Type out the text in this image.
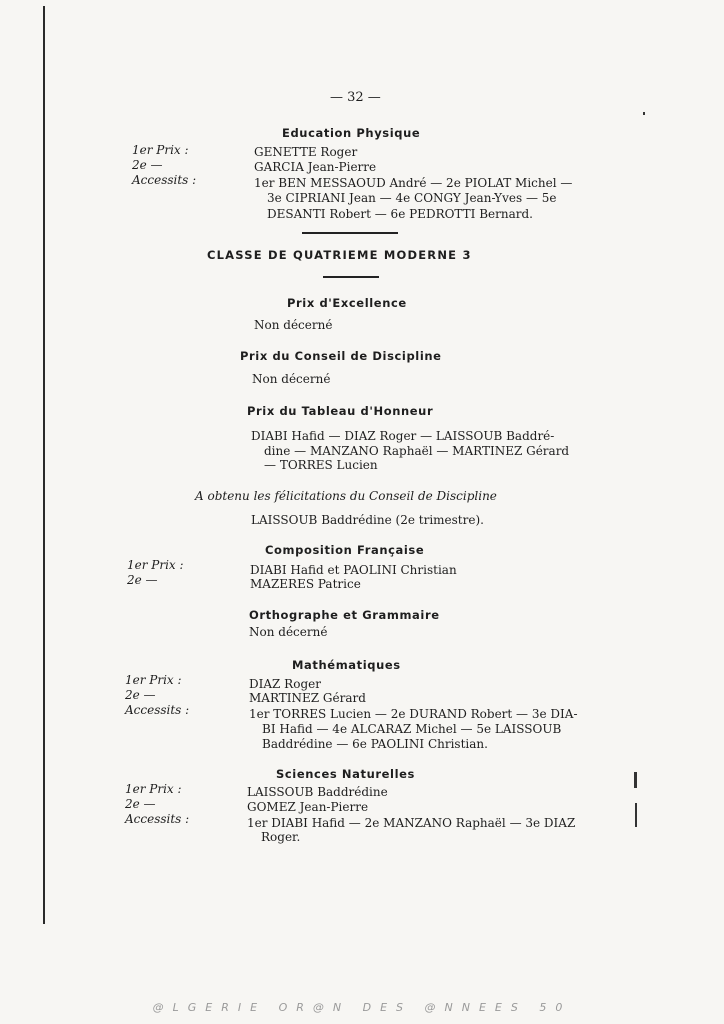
— 32 —
Education Physique
1er Prix :
2e —
Accessits :
GENETTE Roger
GARCIA Jean-Pierre
1er BEN MESSAOUD André — 2e PIOLAT Michel —
3e CIPRIANI Jean — 4e CONGY Jean-Yves — 5e
DESANTI Robert — 6e PEDROTTI Bernard.
CLASSE DE QUATRIEME MODERNE 3
Prix d'Excellence
Non décerné
Prix du Conseil de Discipline
Non décerné
Prix du Tableau d'Honneur
DIABI Hafid — DIAZ Roger — LAISSOUB Baddré-
dine — MANZANO Raphaël — MARTINEZ Gérard
— TORRES Lucien
A obtenu les félicitations du Conseil de Discipline
LAISSOUB Baddrédine (2e trimestre).
Composition Française
1er Prix :
2e —
DIABI Hafid et PAOLINI Christian
MAZERES Patrice
Orthographe et Grammaire
Non décerné
Mathématiques
1er Prix :
2e —
Accessits :
DIAZ Roger
MARTINEZ Gérard
1er TORRES Lucien — 2e DURAND Robert — 3e DIA-
BI Hafid — 4e ALCARAZ Michel — 5e LAISSOUB
Baddrédine — 6e PAOLINI Christian.
Sciences Naturelles
1er Prix :
2e —
Accessits :
LAISSOUB Baddrédine
GOMEZ Jean-Pierre
1er DIABI Hafid — 2e MANZANO Raphaël — 3e DIAZ
Roger.
@LGERIE OR@N DES @NNEES 50
